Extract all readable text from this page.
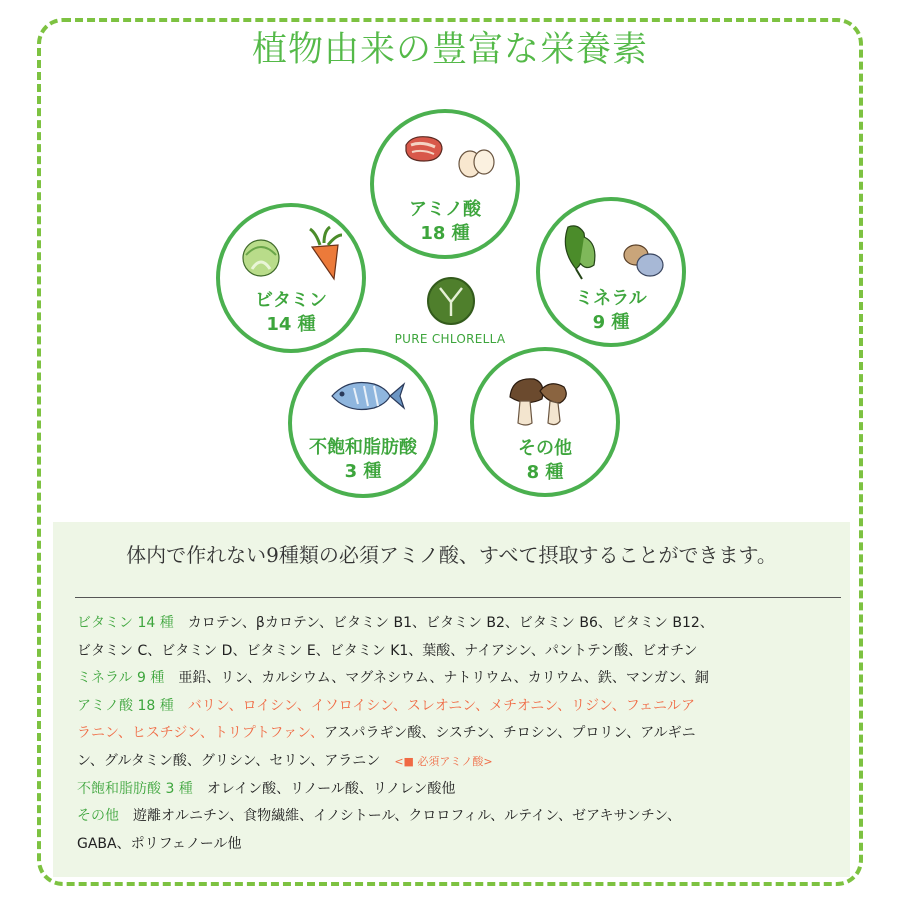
植物由来の豊富な栄養素
アミノ酸
18 種
ビタミン
14 種
ミネラル
9 種
不飽和脂肪酸
3 種
その他
8 種
PURE CHLORELLA
体内で作れない9種類の必須アミノ酸、すべて摂取することができます。
ビタミン 14 種　 カロテン、βカロテン、ビタミン B1、ビタミン B2、ビタミン B6、ビタミン B12、
ビタミン C、ビタミン D、ビタミン E、ビタミン K1、葉酸、ナイアシン、パントテン酸、ビオチン
ミネラル 9 種　 亜鉛、リン、カルシウム、マグネシウム、ナトリウム、カリウム、鉄、マンガン、銅
アミノ酸 18 種　 バリン、ロイシン、イソロイシン、スレオニン、メチオニン、リジン、フェニルア
ラニン、ヒスチジン、トリプトファン、アスパラギン酸、シスチン、チロシン、プロリン、アルギニ
ン、グルタミン酸、グリシン、セリン、アラニン　 <■ 必須アミノ酸>
不飽和脂肪酸 3 種　 オレイン酸、リノール酸、リノレン酸他
その他　 遊離オルニチン、食物繊維、イノシトール、クロロフィル、ルテイン、ゼアキサンチン、
GABA、ポリフェノール他
